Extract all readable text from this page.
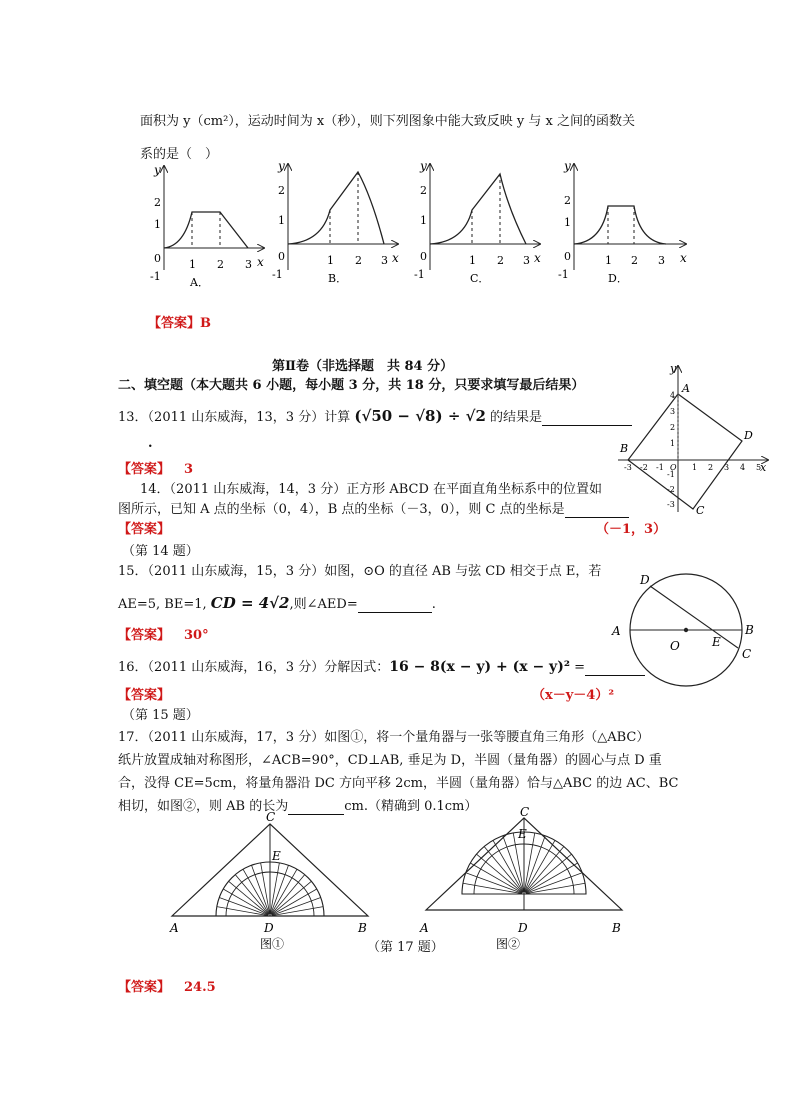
面积为 y（cm²），运动时间为 x（秒），则下列图象中能大致反映 y 与 x 之间的函数关
系的是（　）
y
2
1
0
-1
1 2 3 x
A．
y
2
1
0
-1
1 2 3 x
B．
y
2
1
0
-1
1 2 3 x
C．
y
2
1
0
-1
1 2 3 x
D．
【答案】B
第Ⅱ卷（非选择题　共 84 分）
二、填空题（本大题共 6 小题，每小题 3 分，共 18 分，只要求填写最后结果）
13．（2011 山东威海，13，3 分）计算 (√50 − √8) ÷ √2 的结果是
.
【答案】 3
y
x
A
B
C
D
-3 -2 -1 O 1 2 3 4 5
4
3
2
1
-1
-2
-3
14．（2011 山东威海，14，3 分）正方形 ABCD 在平面直角坐标系中的位置如
图所示，已知 A 点的坐标（0，4），B 点的坐标（－3，0），则 C 点的坐标是
【答案】	（－1，3）
（第 14 题）
15．（2011 山东威海，15，3 分）如图，⊙O 的直径 AB 与弦 CD 相交于点 E，若
AE=5, BE=1, CD = 4√2,则∠AED=	.
【答案】 30°
D
A
O	E
B
C
16．（2011 山东威海，16，3 分）分解因式：16 − 8(x − y) + (x − y)² =
【答案】	（x－y－4）²
（第 15 题）
17．（2011 山东威海，17，3 分）如图①，将一个量角器与一张等腰直角三角形（△ABC）
纸片放置成轴对称图形，∠ACB=90°，CD⊥AB, 垂足为 D，半圆（量角器）的圆心与点 D 重
合，没得 CE=5cm，将量角器沿 DC 方向平移 2cm，半圆（量角器）恰与△ABC 的边 AC、BC
相切，如图②，则 AB 的长为	cm.（精确到 0.1cm）
C
E
A	D	B
图①	（第 17 题）
C
E
A	D	B
图②
【答案】 24.5
